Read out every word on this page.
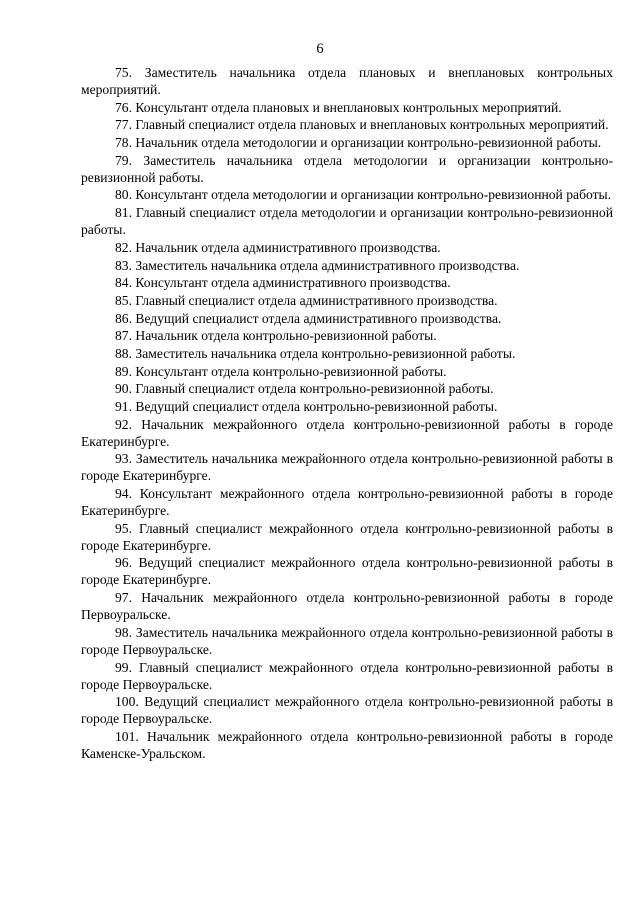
6

75. Заместитель начальника отдела плановых и внеплановых контрольных мероприятий.

76. Консультант отдела плановых и внеплановых контрольных мероприятий.

77. Главный специалист отдела плановых и внеплановых контрольных мероприятий.

78. Начальник отдела методологии и организации контрольно-ревизионной работы.

79. Заместитель начальника отдела методологии и организации контрольно-ревизионной работы.

80. Консультант отдела методологии и организации контрольно-ревизионной работы.

81. Главный специалист отдела методологии и организации контрольно-ревизионной работы.

82. Начальник отдела административного производства.

83. Заместитель начальника отдела административного производства.

84. Консультант отдела административного производства.

85. Главный специалист отдела административного производства.

86. Ведущий специалист отдела административного производства.

87. Начальник отдела контрольно-ревизионной работы.

88. Заместитель начальника отдела контрольно-ревизионной работы.

89. Консультант отдела контрольно-ревизионной работы.

90. Главный специалист отдела контрольно-ревизионной работы.

91. Ведущий специалист отдела контрольно-ревизионной работы.

92. Начальник межрайонного отдела контрольно-ревизионной работы в городе Екатеринбурге.

93. Заместитель начальника межрайонного отдела контрольно-ревизионной работы в городе Екатеринбурге.

94. Консультант межрайонного отдела контрольно-ревизионной работы в городе Екатеринбурге.

95. Главный специалист межрайонного отдела контрольно-ревизионной работы в городе Екатеринбурге.

96. Ведущий специалист межрайонного отдела контрольно-ревизионной работы в городе Екатеринбурге.

97. Начальник межрайонного отдела контрольно-ревизионной работы в городе Первоуральске.

98. Заместитель начальника межрайонного отдела контрольно-ревизионной работы в городе Первоуральске.

99. Главный специалист межрайонного отдела контрольно-ревизионной работы в городе Первоуральске.

100. Ведущий специалист межрайонного отдела контрольно-ревизионной работы в городе Первоуральске.

101. Начальник межрайонного отдела контрольно-ревизионной работы в городе Каменске-Уральском.
